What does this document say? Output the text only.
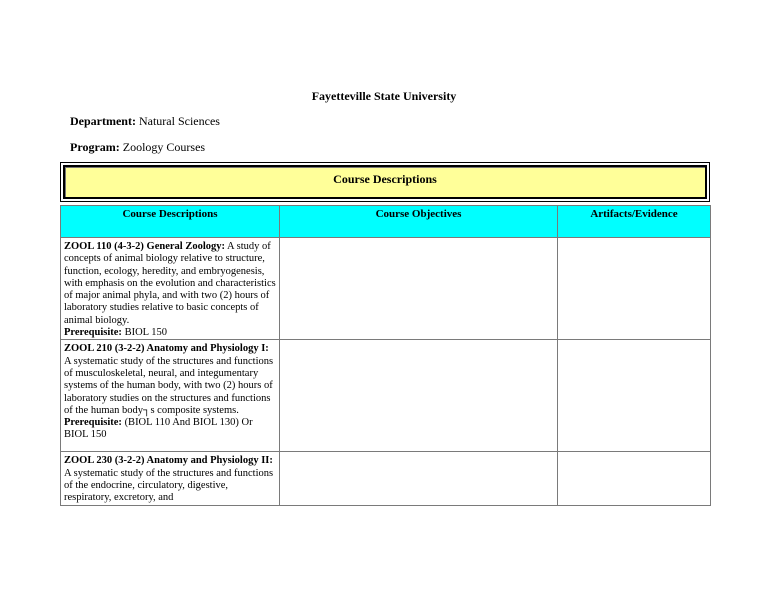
Fayetteville State University
Department: Natural Sciences
Program: Zoology Courses
Course Descriptions
Course Descriptions	Course Objectives	Artifacts/Evidence
ZOOL 110 (4-3-2) General Zoology: A study of concepts of animal biology relative to structure, function, ecology, heredity, and embryogenesis, with emphasis on the evolution and characteristics of major animal phyla, and with two (2) hours of laboratory studies relative to basic concepts of animal biology.
Prerequisite: BIOL 150		
ZOOL 210 (3-2-2) Anatomy and Physiology I: A systematic study of the structures and functions of musculoskeletal, neural, and integumentary systems of the human body, with two (2) hours of laboratory studies on the structures and functions of the human body┐s composite systems.
Prerequisite: (BIOL 110 And BIOL 130) Or BIOL 150		
ZOOL 230 (3-2-2) Anatomy and Physiology II: A systematic study of the structures and functions of the endocrine, circulatory, digestive, respiratory, excretory, and		
